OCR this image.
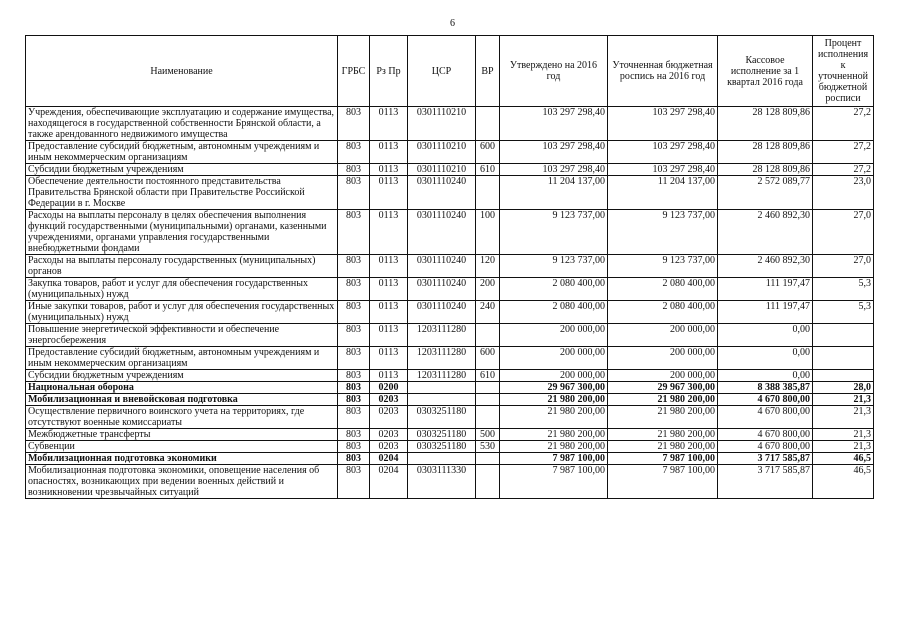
6
Наименование	ГРБС	Рз Пр	ЦСР	ВР	Утверждено на 2016 год	Уточненная бюджетная роспись на 2016 год	Кассовое исполнение за 1 квартал 2016 года	Процент исполнения к уточненной бюджетной росписи
Учреждения, обеспечивающие эксплуатацию и содержание имущества, находящегося в государственной собственности Брянской области, а также арендованного недвижимого имущества	803	0113	0301110210		103 297 298,40	103 297 298,40	28 128 809,86	27,2
Предоставление субсидий бюджетным, автономным учреждениям и иным некоммерческим организациям	803	0113	0301110210	600	103 297 298,40	103 297 298,40	28 128 809,86	27,2
Субсидии бюджетным учреждениям	803	0113	0301110210	610	103 297 298,40	103 297 298,40	28 128 809,86	27,2
Обеспечение деятельности постоянного представительства Правительства Брянской области при Правительстве Российской Федерации в г. Москве	803	0113	0301110240		11 204 137,00	11 204 137,00	2 572 089,77	23,0
Расходы на выплаты персоналу в целях обеспечения выполнения функций государственными (муниципальными) органами, казенными учреждениями, органами управления государственными внебюджетными фондами	803	0113	0301110240	100	9 123 737,00	9 123 737,00	2 460 892,30	27,0
Расходы на выплаты персоналу государственных (муниципальных) органов	803	0113	0301110240	120	9 123 737,00	9 123 737,00	2 460 892,30	27,0
Закупка товаров, работ и услуг для обеспечения государственных (муниципальных) нужд	803	0113	0301110240	200	2 080 400,00	2 080 400,00	111 197,47	5,3
Иные закупки товаров, работ и услуг для обеспечения государственных (муниципальных) нужд	803	0113	0301110240	240	2 080 400,00	2 080 400,00	111 197,47	5,3
Повышение энергетической эффективности и обеспечение энергосбережения	803	0113	1203111280		200 000,00	200 000,00	0,00	
Предоставление субсидий бюджетным, автономным учреждениям и иным некоммерческим организациям	803	0113	1203111280	600	200 000,00	200 000,00	0,00	
Субсидии бюджетным учреждениям	803	0113	1203111280	610	200 000,00	200 000,00	0,00	
Национальная оборона	803	0200			29 967 300,00	29 967 300,00	8 388 385,87	28,0
Мобилизационная и вневойсковая подготовка	803	0203			21 980 200,00	21 980 200,00	4 670 800,00	21,3
Осуществление первичного воинского учета на территориях, где отсутствуют военные комиссариаты	803	0203	0303251180		21 980 200,00	21 980 200,00	4 670 800,00	21,3
Межбюджетные трансферты	803	0203	0303251180	500	21 980 200,00	21 980 200,00	4 670 800,00	21,3
Субвенции	803	0203	0303251180	530	21 980 200,00	21 980 200,00	4 670 800,00	21,3
Мобилизационная подготовка экономики	803	0204			7 987 100,00	7 987 100,00	3 717 585,87	46,5
Мобилизационная подготовка экономики, оповещение населения об опасностях, возникающих при ведении военных действий и возникновении чрезвычайных ситуаций	803	0204	0303111330		7 987 100,00	7 987 100,00	3 717 585,87	46,5
